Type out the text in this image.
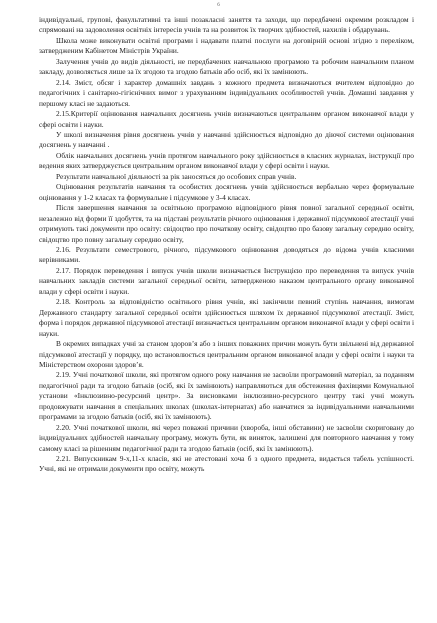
6

індивідуальні, групові, факультативні та інші позакласні заняття та заходи, що передбачені окремим розкладом і спрямовані на задоволення освітніх інтересів учнів та на розвиток їх творчих здібностей, нахилів і обдарувань.

Школа може виконувати освітні програми і надавати платні послуги на договірній основі згідно з переліком, затвердженим Кабінетом Міністрів України.

Залучення учнів до видів діяльності, не передбачених навчальною програмою та робочим навчальним планом закладу, дозволяється лише за їх згодою та згодою батьків або осіб, які їх замінюють.

2.14. Зміст, обсяг і характер домашніх завдань з кожного предмета визначаються вчителем відповідно до педагогічних і санітарно-гігієнічних вимог з урахуванням індивідуальних особливостей учнів. Домашні завдання у першому класі не задаються.

2.15.Критерії оцінювання навчальних досягнень учнів визначаються центральним органом виконавчої влади у сфері освіти і науки.

У школі визначення рівня досягнень учнів у навчанні здійснюється відповідно до діючої системи оцінювання досягнень у навчанні .

Облік навчальних досягнень учнів протягом навчального року здійснюється в класних журналах, інструкції про ведення яких затверджується центральним органом виконавчої влади у сфері освіти і науки.

Результати навчальної діяльності за рік заносяться до особових справ учнів.

Оцінювання результатів навчання та особистих досягнень учнів здійснюється вербально через формувальне оцінювання у 1-2 класах та формувальне і підсумкове у 3-4 класах.

Після завершення навчання за освітньою програмою відповідного рівня повної загальної середньої освіти, незалежно від форми її здобуття, та на підставі результатів річного оцінювання і державної підсумкової атестації учні отримують такі документи про освіту: свідоцтво про початкову освіту, свідоцтво про базову загальну середню освіту, свідоцтво про повну загальну середню освіту,

2.16. Результати семестрового, річного, підсумкового оцінювання доводяться до відома учнів класними керівниками.

2.17. Порядок переведення і випуск учнів школи визначається Інструкцією про переведення та випуск учнів навчальних закладів системи загальної середньої освіти, затвердженою наказом центрального органу виконавчої влади у сфері освіти і науки.

2.18. Контроль за відповідністю освітнього рівня учнів, які закінчили певний ступінь навчання, вимогам Державного стандарту загальної середньої освіти здійснюється шляхом їх державної підсумкової атестації. Зміст, форма і порядок державної підсумкової атестації визначається центральним органом виконавчої влади у сфері освіти і науки.

В окремих випадках учні за станом здоров’я або з інших поважних причин можуть бути звільнені від державної підсумкової атестації у порядку, що встановлюється центральним органом виконавчої влади у сфері освіти і науки та Міністерством охорони здоров’я.

2.19. Учні початкової школи, які протягом одного року навчання не засвоїли програмовий матеріал, за поданням педагогічної ради та згодою батьків (осіб, які їх замінюють) направляються для обстеження фахівцями Комунальної установи «Інклюзивно-ресурсний центр». За висновками інклюзивно-ресурсного центру такі учні можуть продовжувати навчання в спеціальних школах (школах-інтернатах) або навчатися за індивідуальними навчальними програмами за згодою батьків (осіб, які їх замінюють).

2.20. Учні початкової школи, які через поважні причини (хвороба, інші обставини) не засвоїли скориговану до індивідуальних здібностей навчальну програму, можуть бути, як виняток, залишені для повторного навчання у тому самому класі за рішенням педагогічної ради та згодою батьків (осіб, які їх замінюють).

2.21. Випускникам 9-х,11-х класів, які не атестовані хоча б з одного предмета, видається табель успішності. Учні, які не отримали документи про освіту, можуть
